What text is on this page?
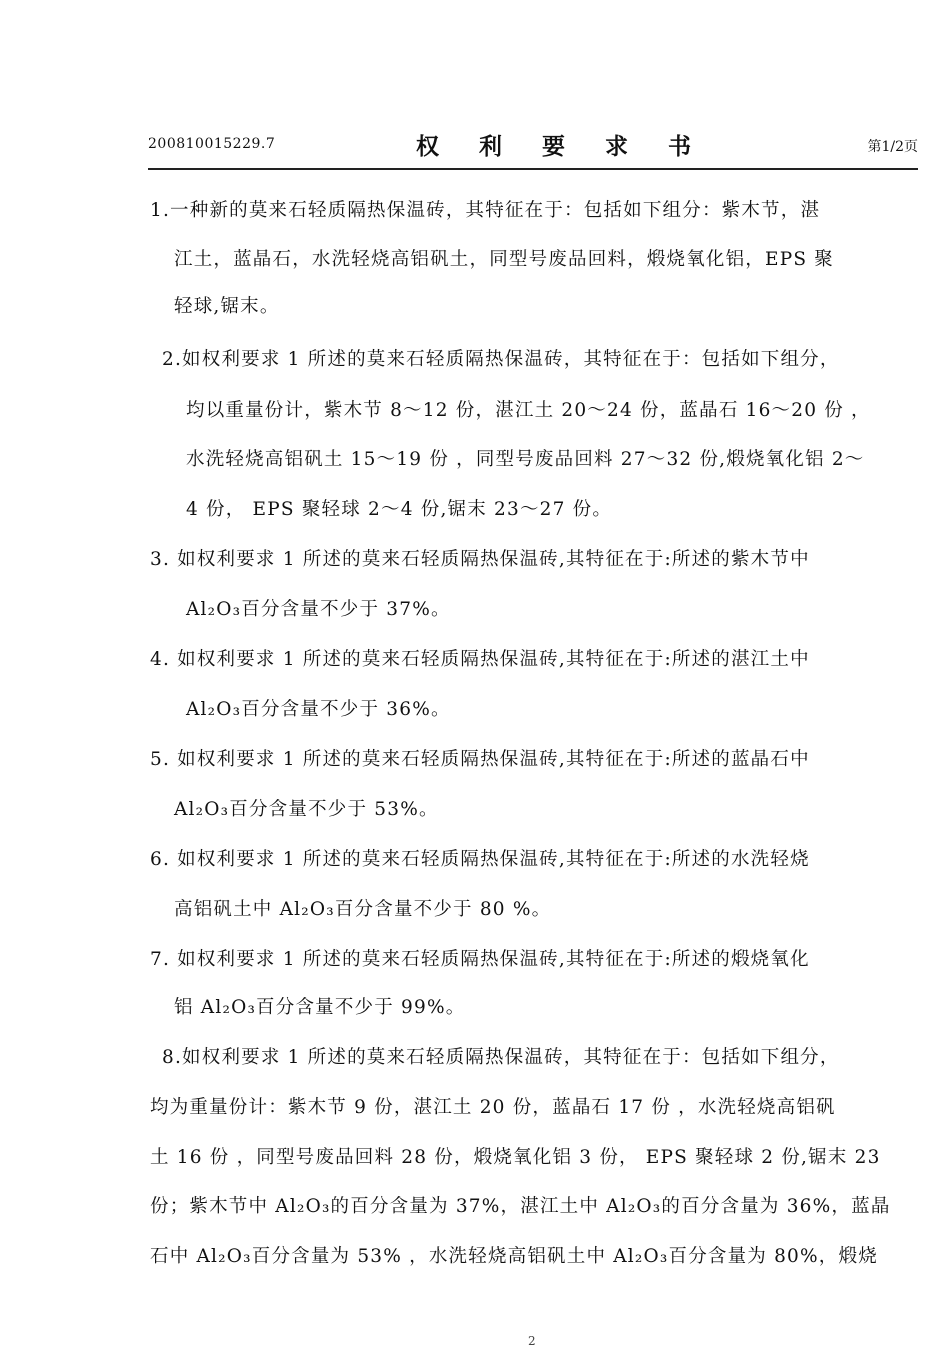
200810015229.7	权 利 要 求 书	第1/2页
1.一种新的莫来石轻质隔热保温砖，其特征在于：包括如下组分：紫木节，湛
江土，蓝晶石，水洗轻烧高铝矾土，同型号废品回料，煅烧氧化铝，EPS 聚
轻球,锯末。
2.如权利要求 1 所述的莫来石轻质隔热保温砖，其特征在于：包括如下组分，
均以重量份计，紫木节 8～12 份，湛江土 20～24 份，蓝晶石 16～20 份 ，
水洗轻烧高铝矾土 15～19 份 ，同型号废品回料 27～32 份,煅烧氧化铝 2～
4 份， EPS 聚轻球 2～4 份,锯末 23～27 份。
3. 如权利要求 1 所述的莫来石轻质隔热保温砖,其特征在于:所述的紫木节中
Al₂O₃百分含量不少于 37%。
4. 如权利要求 1 所述的莫来石轻质隔热保温砖,其特征在于:所述的湛江土中
Al₂O₃百分含量不少于 36%。
5. 如权利要求 1 所述的莫来石轻质隔热保温砖,其特征在于:所述的蓝晶石中
Al₂O₃百分含量不少于 53%。
6. 如权利要求 1 所述的莫来石轻质隔热保温砖,其特征在于:所述的水洗轻烧
高铝矾土中 Al₂O₃百分含量不少于 80 %。
7. 如权利要求 1 所述的莫来石轻质隔热保温砖,其特征在于:所述的煅烧氧化
铝 Al₂O₃百分含量不少于 99%。
8.如权利要求 1 所述的莫来石轻质隔热保温砖，其特征在于：包括如下组分，
均为重量份计：紫木节 9 份，湛江土 20 份，蓝晶石 17 份 ，水洗轻烧高铝矾
土 16 份 ，同型号废品回料 28 份，煅烧氧化铝 3 份， EPS 聚轻球 2 份,锯末 23
份；紫木节中 Al₂O₃的百分含量为 37%，湛江土中 Al₂O₃的百分含量为 36%，蓝晶
石中 Al₂O₃百分含量为 53% ，水洗轻烧高铝矾土中 Al₂O₃百分含量为 80%，煅烧
2
